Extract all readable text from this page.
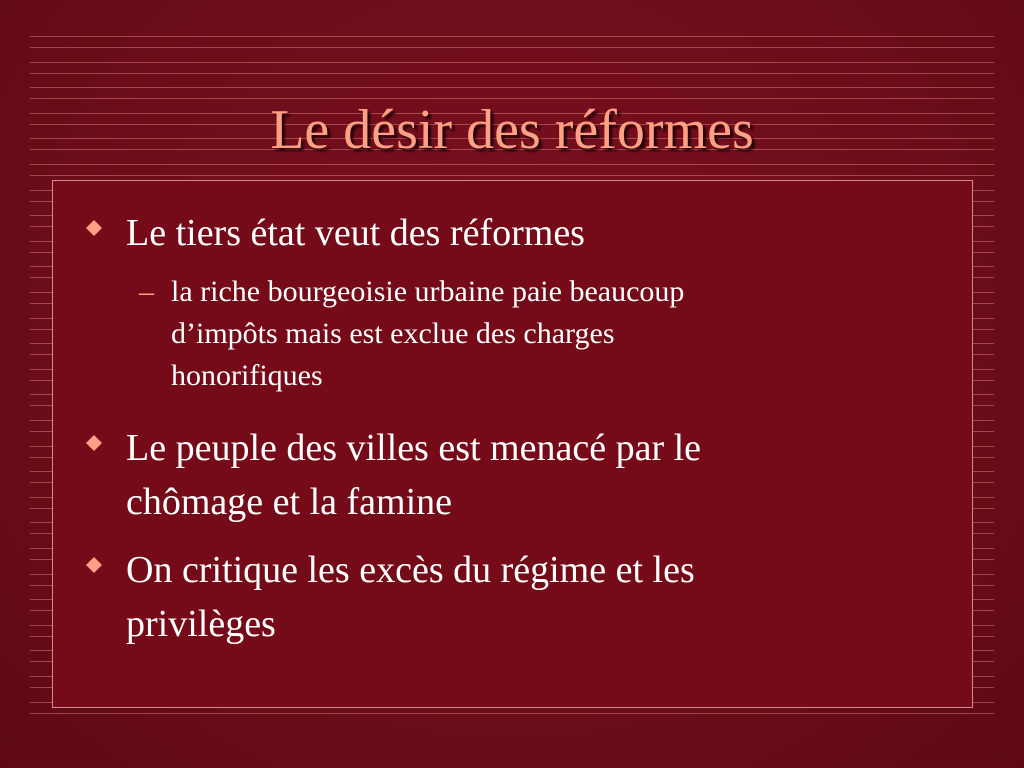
Le désir des réformes
Le tiers état veut des réformes
– la riche bourgeoisie urbaine paie beaucoup
d’impôts mais est exclue des charges
honorifiques
Le peuple des villes est menacé par le
chômage et la famine
On critique les excès du régime et les
privilèges
